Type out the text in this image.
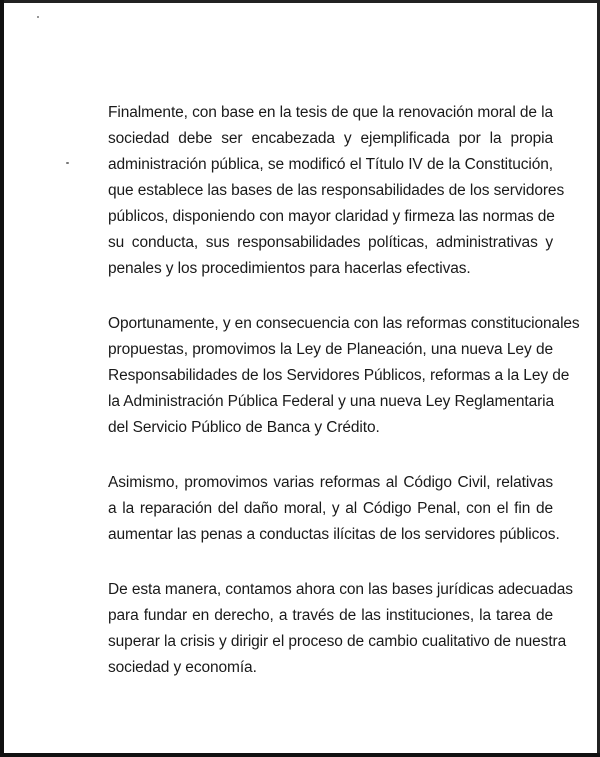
Finalmente, con base en la tesis de que la renovación moral de la
sociedad debe ser encabezada y ejemplificada por la propia
administración pública, se modificó el Título IV de la Constitución,
que establece las bases de las responsabilidades de los servidores
públicos, disponiendo con mayor claridad y firmeza las normas de
su conducta, sus responsabilidades políticas, administrativas y
penales y los procedimientos para hacerlas efectivas.
Oportunamente, y en consecuencia con las reformas constitucionales
propuestas, promovimos la Ley de Planeación, una nueva Ley de
Responsabilidades de los Servidores Públicos, reformas a la Ley de
la Administración Pública Federal y una nueva Ley Reglamentaria
del Servicio Público de Banca y Crédito.
Asimismo, promovimos varias reformas al Código Civil, relativas
a la reparación del daño moral, y al Código Penal, con el fin de
aumentar las penas a conductas ilícitas de los servidores públicos.
De esta manera, contamos ahora con las bases jurídicas adecuadas
para fundar en derecho, a través de las instituciones, la tarea de
superar la crisis y dirigir el proceso de cambio cualitativo de nuestra
sociedad y economía.
